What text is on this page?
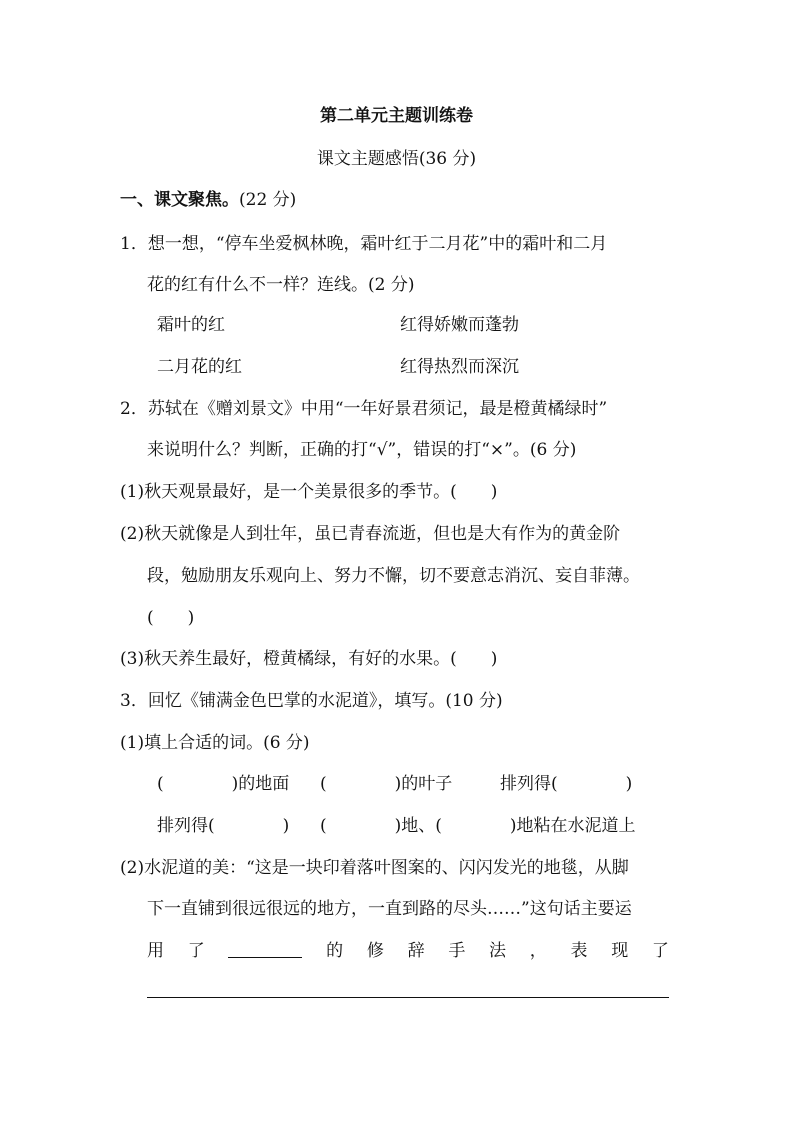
第二单元主题训练卷
课文主题感悟(36 分)
一、课文聚焦。(22 分)
1．想一想，“停车坐爱枫林晚，霜叶红于二月花”中的霜叶和二月
花的红有什么不一样？连线。(2 分)
霜叶的红	红得娇嫩而蓬勃
二月花的红	红得热烈而深沉
2．苏轼在《赠刘景文》中用“一年好景君须记，最是橙黄橘绿时”
来说明什么？判断，正确的打“√”，错误的打“×”。(6 分)
(1)秋天观景最好，是一个美景很多的季节。(　　)
(2)秋天就像是人到壮年，虽已青春流逝，但也是大有作为的黄金阶
段，勉励朋友乐观向上、努力不懈，切不要意志消沉、妄自菲薄。
(　　)
(3)秋天养生最好，橙黄橘绿，有好的水果。(　　)
3．回忆《铺满金色巴掌的水泥道》，填写。(10 分)
(1)填上合适的词。(6 分)
(　　　　)的地面 (　　　　)的叶子	排列得(　　　　)
排列得(　　　　) (　　　　)地、(　　　　)地粘在水泥道上
(2)水泥道的美：“这是一块印着落叶图案的、闪闪发光的地毯，从脚
下一直铺到很远很远的地方，一直到路的尽头……”这句话主要运
用 了	的 修 辞 手 法 ， 表 现 了
